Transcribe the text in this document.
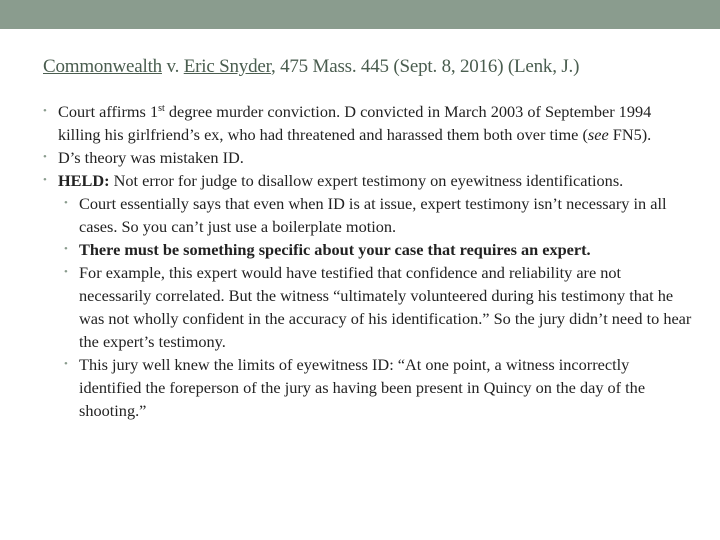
Commonwealth v. Eric Snyder, 475 Mass. 445 (Sept. 8, 2016) (Lenk, J.)
• Court affirms 1st degree murder conviction. D convicted in March 2003 of September 1994 killing his girlfriend’s ex, who had threatened and harassed them both over time (see FN5).
• D’s theory was mistaken ID.
• HELD: Not error for judge to disallow expert testimony on eyewitness identifications.
• Court essentially says that even when ID is at issue, expert testimony isn’t necessary in all cases. So you can’t just use a boilerplate motion.
• There must be something specific about your case that requires an expert.
• For example, this expert would have testified that confidence and reliability are not necessarily correlated. But the witness “ultimately volunteered during his testimony that he was not wholly confident in the accuracy of his identification.” So the jury didn’t need to hear the expert’s testimony.
• This jury well knew the limits of eyewitness ID: “At one point, a witness incorrectly identified the foreperson of the jury as having been present in Quincy on the day of the shooting.”
